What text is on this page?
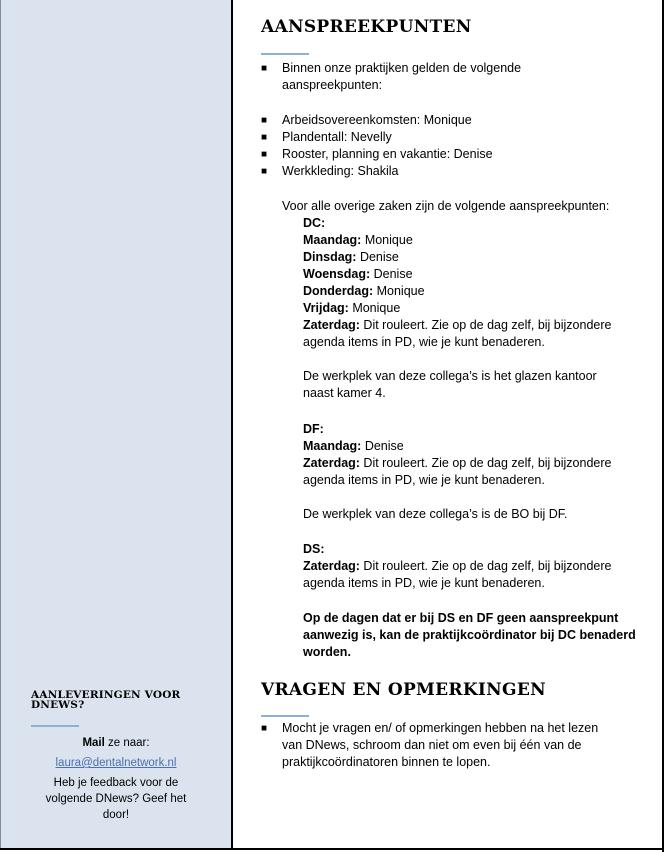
AANLEVERINGEN VOOR
DNEWS?
Mail ze naar:
laura@dentalnetwork.nl
Heb je feedback voor de
volgende DNews? Geef het
door!
AANSPREEKPUNTEN
■ Binnen onze praktijken gelden de volgende
aanspreekpunten:
■ Arbeidsovereenkomsten: Monique
■ Plandentall: Nevelly
■ Rooster, planning en vakantie: Denise
■ Werkkleding: Shakila
Voor alle overige zaken zijn de volgende aanspreekpunten:
DC:
Maandag: Monique
Dinsdag: Denise
Woensdag: Denise
Donderdag: Monique
Vrijdag: Monique
Zaterdag: Dit rouleert. Zie op de dag zelf, bij bijzondere
agenda items in PD, wie je kunt benaderen.
De werkplek van deze collega’s is het glazen kantoor
naast kamer 4.
DF:
Maandag: Denise
Zaterdag: Dit rouleert. Zie op de dag zelf, bij bijzondere
agenda items in PD, wie je kunt benaderen.
De werkplek van deze collega’s is de BO bij DF.
DS:
Zaterdag: Dit rouleert. Zie op de dag zelf, bij bijzondere
agenda items in PD, wie je kunt benaderen.
Op de dagen dat er bij DS en DF geen aanspreekpunt
aanwezig is, kan de praktijkcoördinator bij DC benaderd
worden.
VRAGEN EN OPMERKINGEN
■ Mocht je vragen en/ of opmerkingen hebben na het lezen
van DNews, schroom dan niet om even bij één van de
praktijkcoördinatoren binnen te lopen.
